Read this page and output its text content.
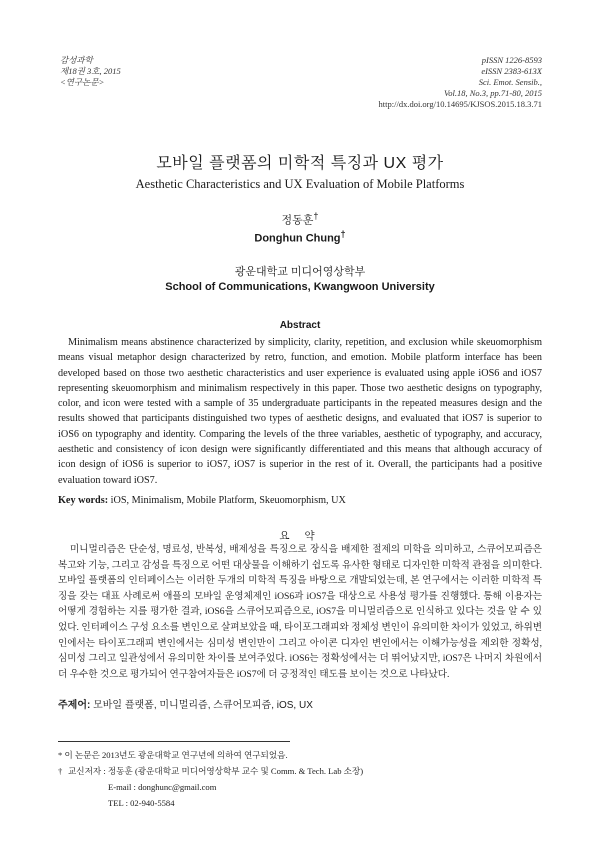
감성과학
제18권 3호, 2015
<연구논문>
pISSN 1226-8593
eISSN 2383-613X
Sci. Emot. Sensib.,
Vol.18, No.3, pp.71-80, 2015
http://dx.doi.org/10.14695/KJSOS.2015.18.3.71
모바일 플랫폼의 미학적 특징과 UX 평가
Aesthetic Characteristics and UX Evaluation of Mobile Platforms
정동훈†
Donghun Chung†
광운대학교 미디어영상학부
School of Communications, Kwangwoon University
Abstract
Minimalism means abstinence characterized by simplicity, clarity, repetition, and exclusion while skeuomorphism means visual metaphor design characterized by retro, function, and emotion. Mobile platform interface has been developed based on those two aesthetic characteristics and user experience is evaluated using apple iOS6 and iOS7 representing skeuomorphism and minimalism respectively in this paper. Those two aesthetic designs on typography, color, and icon were tested with a sample of 35 undergraduate participants in the repeated measures design and the results showed that participants distinguished two types of aesthetic designs, and evaluated that iOS7 is superior to iOS6 on typography and identity. Comparing the levels of the three variables, aesthetic of typography, and accuracy, aesthetic and consistency of icon design were significantly differentiated and this means that although accuracy of icon design of iOS6 is superior to iOS7, iOS7 is superior in the rest of it. Overall, the participants had a positive evaluation toward iOS7.
Key words: iOS, Minimalism, Mobile Platform, Skeuomorphism, UX
요 약
미니멀리즘은 단순성, 명료성, 반복성, 배제성을 특징으로 장식을 배제한 절제의 미학을 의미하고, 스큐어모피즘은 복고와 기능, 그리고 감성을 특징으로 어떤 대상물을 이해하기 쉽도록 유사한 형태로 디자인한 미학적 관점을 의미한다. 모바일 플랫폼의 인터페이스는 이러한 두개의 미학적 특징을 바탕으로 개발되었는데, 본 연구에서는 이러한 미학적 특징을 갖는 대표 사례로써 애플의 모바일 운영체제인 iOS6과 iOS7을 대상으로 사용성 평가를 진행했다. 통해 이용자는 어떻게 경험하는 지를 평가한 결과, iOS6을 스큐어모피즘으로, iOS7을 미니멀리즘으로 인식하고 있다는 것을 알 수 있었다. 인터페이스 구성 요소를 변인으로 살펴보았을 때, 타이포그래피와 정체성 변인이 유의미한 차이가 있었고, 하위변인에서는 타이포그래피 변인에서는 심미성 변인만이 그리고 아이콘 디자인 변인에서는 이해가능성을 제외한 정확성, 심미성 그리고 일관성에서 유의미한 차이를 보여주었다. iOS6는 정확성에서는 더 뛰어났지만, iOS7은 나머지 차원에서 더 우수한 것으로 평가되어 연구참여자들은 iOS7에 더 긍정적인 태도를 보이는 것으로 나타났다.
주제어: 모바일 플랫폼, 미니멀리즘, 스큐어모피즘, iOS, UX
* 이 논문은 2013년도 광운대학교 연구년에 의하여 연구되었음.
† 교신저자 : 정동훈 (광운대학교 미디어영상학부 교수 및 Comm. & Tech. Lab 소장)
E-mail : donghunc@gmail.com
TEL : 02-940-5584
